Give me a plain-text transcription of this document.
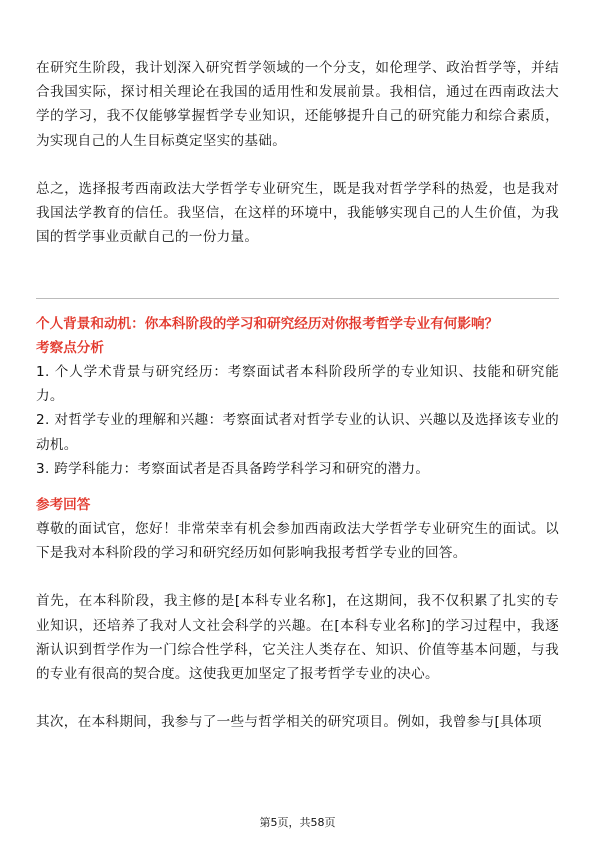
在研究生阶段，我计划深入研究哲学领域的一个分支，如伦理学、政治哲学等，并结合我国实际，探讨相关理论在我国的适用性和发展前景。我相信，通过在西南政法大学的学习，我不仅能够掌握哲学专业知识，还能够提升自己的研究能力和综合素质，为实现自己的人生目标奠定坚实的基础。

总之，选择报考西南政法大学哲学专业研究生，既是我对哲学学科的热爱，也是我对我国法学教育的信任。我坚信，在这样的环境中，我能够实现自己的人生价值，为我国的哲学事业贡献自己的一份力量。

个人背景和动机：你本科阶段的学习和研究经历对你报考哲学专业有何影响？

考察点分析

1. 个人学术背景与研究经历：考察面试者本科阶段所学的专业知识、技能和研究能力。

2. 对哲学专业的理解和兴趣：考察面试者对哲学专业的认识、兴趣以及选择该专业的动机。

3. 跨学科能力：考察面试者是否具备跨学科学习和研究的潜力。

参考回答

尊敬的面试官，您好！非常荣幸有机会参加西南政法大学哲学专业研究生的面试。以下是我对本科阶段的学习和研究经历如何影响我报考哲学专业的回答。

首先，在本科阶段，我主修的是[本科专业名称]，在这期间，我不仅积累了扎实的专业知识，还培养了我对人文社会科学的兴趣。在[本科专业名称]的学习过程中，我逐渐认识到哲学作为一门综合性学科，它关注人类存在、知识、价值等基本问题，与我的专业有很高的契合度。这使我更加坚定了报考哲学专业的决心。

其次，在本科期间，我参与了一些与哲学相关的研究项目。例如，我曾参与[具体项

第5页，共58页
